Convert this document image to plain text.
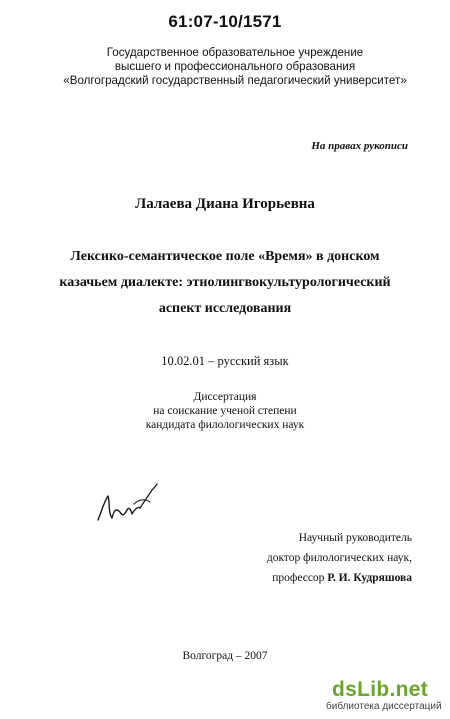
61:07-10/1571
Государственное образовательное учреждение
высшего и профессионального образования
«Волгоградский государственный педагогический университет»
На правах рукописи
Лалаева Диана Игорьевна
Лексико-семантическое поле «Время» в донском
казачьем диалекте: этнолингвокультурологический
аспект исследования
10.02.01 – русский язык
Диссертация
на соискание ученой степени
кандидата филологических наук
Научный руководитель
доктор филологических наук,
профессор Р. И. Кудряшова
Волгоград – 2007
dsLib.net
библиотека диссертаций
